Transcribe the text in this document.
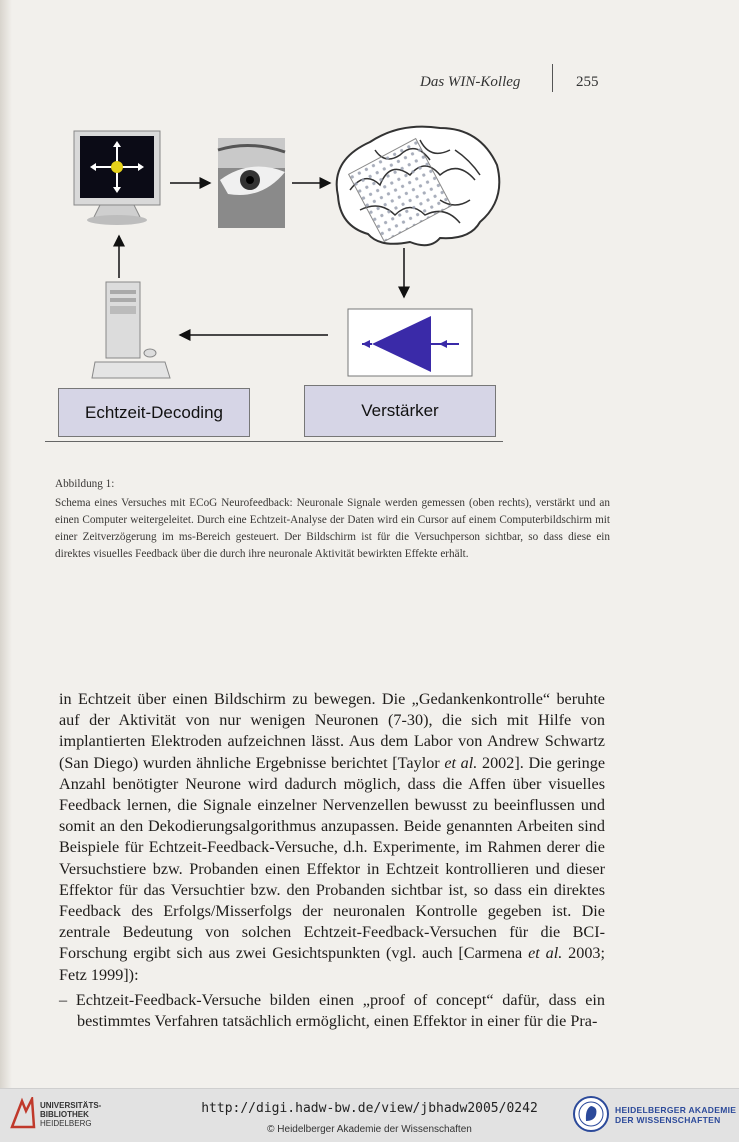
Das WIN-Kolleg	255
Echtzeit-Decoding	Verstärker

Abbildung 1:

Schema eines Versuches mit ECoG Neurofeedback: Neuronale Signale werden gemessen (oben rechts), verstärkt und an einen Computer weitergeleitet. Durch eine Echtzeit-Analyse der Daten wird ein Cursor auf einem Computerbildschirm mit einer Zeitverzögerung im ms-Bereich gesteuert. Der Bildschirm ist für die Versuchperson sichtbar, so dass diese ein direktes visuelles Feedback über die durch ihre neuronale Aktivität bewirkten Effekte erhält.

in Echtzeit über einen Bildschirm zu bewegen. Die „Gedankenkontrolle“ beruhte auf der Aktivität von nur wenigen Neuronen (7-30), die sich mit Hilfe von implantierten Elektroden aufzeichnen lässt. Aus dem Labor von Andrew Schwartz (San Diego) wurden ähnliche Ergebnisse berichtet [Taylor et al. 2002]. Die geringe Anzahl benötigter Neurone wird dadurch möglich, dass die Affen über visuelles Feedback lernen, die Signale einzelner Nervenzellen bewusst zu beeinflussen und somit an den Dekodierungsalgorithmus anzupassen. Beide genannten Arbeiten sind Beispiele für Echtzeit-Feedback-Versuche, d.h. Experimente, im Rahmen derer die Versuchstiere bzw. Probanden einen Effektor in Echtzeit kontrollieren und dieser Effektor für das Versuchtier bzw. den Probanden sichtbar ist, so dass ein direktes Feedback des Erfolgs/Misserfolgs der neuronalen Kontrolle gegeben ist. Die zentrale Bedeutung von solchen Echtzeit-Feedback-Versuchen für die BCI-Forschung ergibt sich aus zwei Gesichtspunkten (vgl. auch [Carmena et al. 2003; Fetz 1999]):

– Echtzeit-Feedback-Versuche bilden einen „proof of concept“ dafür, dass ein bestimmtes Verfahren tatsächlich ermöglicht, einen Effektor in einer für die Pra-

UNIVERSITÄTS-
BIBLIOTHEK
HEIDELBERG
http://digi.hadw-bw.de/view/jbhadw2005/0242
© Heidelberger Akademie der Wissenschaften
HEIDELBERGER AKADEMIE
DER WISSENSCHAFTEN
